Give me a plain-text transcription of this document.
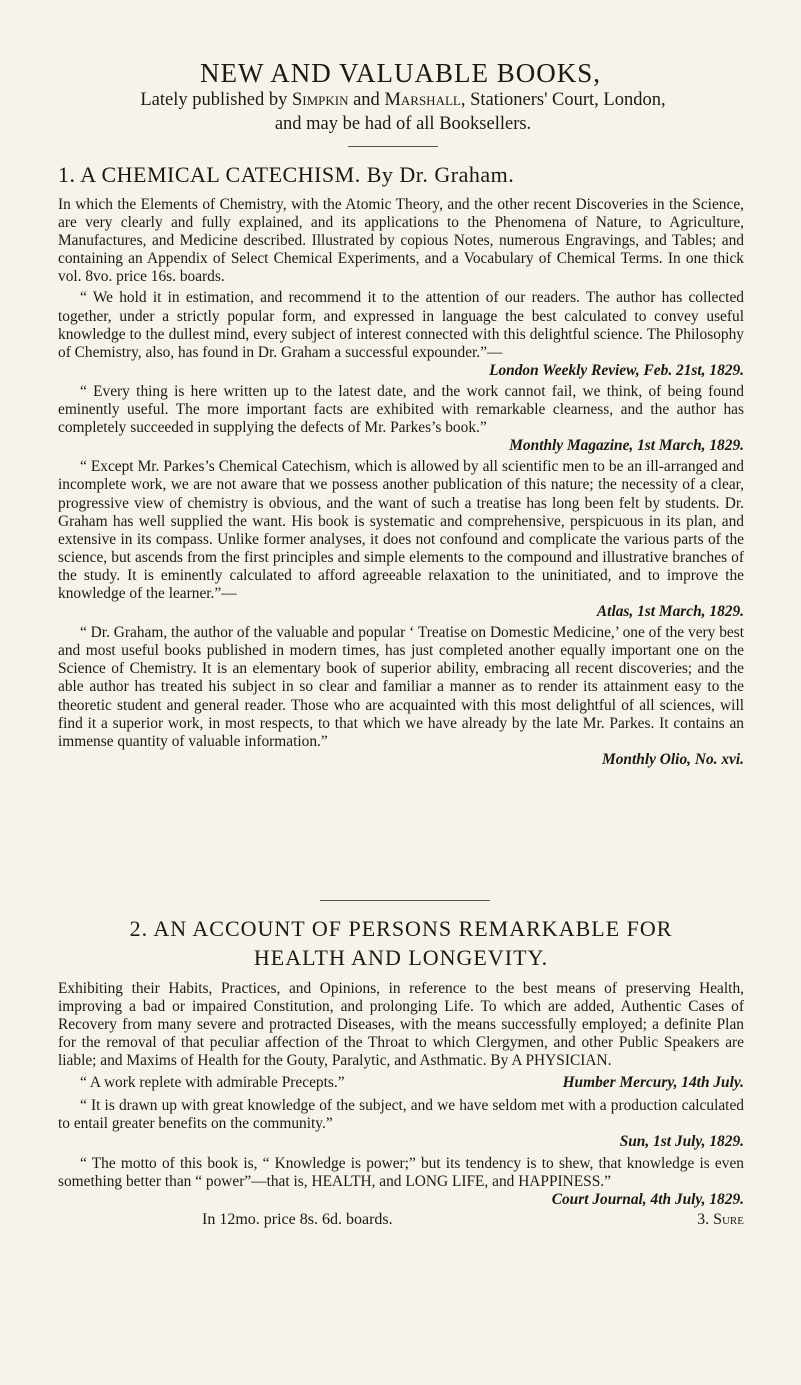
NEW AND VALUABLE BOOKS,
Lately published by Simpkin and Marshall, Stationers' Court, London,
and may be had of all Booksellers.
1. A CHEMICAL CATECHISM. By Dr. Graham.

In which the Elements of Chemistry, with the Atomic Theory, and the other recent Discoveries in the Science, are very clearly and fully explained, and its applications to the Phenomena of Nature, to Agriculture, Manufactures, and Medicine described. Illustrated by copious Notes, numerous Engravings, and Tables; and containing an Appendix of Select Chemical Experiments, and a Vocabulary of Chemical Terms. In one thick vol. 8vo. price 16s. boards.

“ We hold it in estimation, and recommend it to the attention of our readers. The author has collected together, under a strictly popular form, and expressed in language the best calculated to convey useful knowledge to the dullest mind, every subject of interest connected with this delightful science. The Philosophy of Chemistry, also, has found in Dr. Graham a successful expounder.”—
London Weekly Review, Feb. 21st, 1829.

“ Every thing is here written up to the latest date, and the work cannot fail, we think, of being found eminently useful. The more important facts are exhibited with remarkable clearness, and the author has completely succeeded in supplying the defects of Mr. Parkes’s book.”
Monthly Magazine, 1st March, 1829.

“ Except Mr. Parkes’s Chemical Catechism, which is allowed by all scientific men to be an ill-arranged and incomplete work, we are not aware that we possess another publication of this nature; the necessity of a clear, progressive view of chemistry is obvious, and the want of such a treatise has long been felt by students. Dr. Graham has well supplied the want. His book is systematic and comprehensive, perspicuous in its plan, and extensive in its compass. Unlike former analyses, it does not confound and complicate the various parts of the science, but ascends from the first principles and simple elements to the compound and illustrative branches of the study. It is eminently calculated to afford agreeable relaxation to the uninitiated, and to improve the knowledge of the learner.”—
Atlas, 1st March, 1829.

“ Dr. Graham, the author of the valuable and popular ‘ Treatise on Domestic Medicine,’ one of the very best and most useful books published in modern times, has just completed another equally important one on the Science of Chemistry. It is an elementary book of superior ability, embracing all recent discoveries; and the able author has treated his subject in so clear and familiar a manner as to render its attainment easy to the theoretic student and general reader. Those who are acquainted with this most delightful of all sciences, will find it a superior work, in most respects, to that which we have already by the late Mr. Parkes. It contains an immense quantity of valuable information.”
Monthly Olio, No. xvi.

2. AN ACCOUNT OF PERSONS REMARKABLE FOR
HEALTH AND LONGEVITY.

Exhibiting their Habits, Practices, and Opinions, in reference to the best means of preserving Health, improving a bad or impaired Constitution, and prolonging Life. To which are added, Authentic Cases of Recovery from many severe and protracted Diseases, with the means successfully employed; a definite Plan for the removal of that peculiar affection of the Throat to which Clergymen, and other Public Speakers are liable; and Maxims of Health for the Gouty, Paralytic, and Asthmatic. By A PHYSICIAN.

“ A work replete with admirable Precepts.”	Humber Mercury, 14th July.

“ It is drawn up with great knowledge of the subject, and we have seldom met with a production calculated to entail greater benefits on the community.”
Sun, 1st July, 1829.

“ The motto of this book is, “ Knowledge is power;” but its tendency is to shew, that knowledge is even something better than “ power”—that is, HEALTH, and LONG LIFE, and HAPPINESS.”
Court Journal, 4th July, 1829.

In 12mo. price 8s. 6d. boards.	3. Sure
